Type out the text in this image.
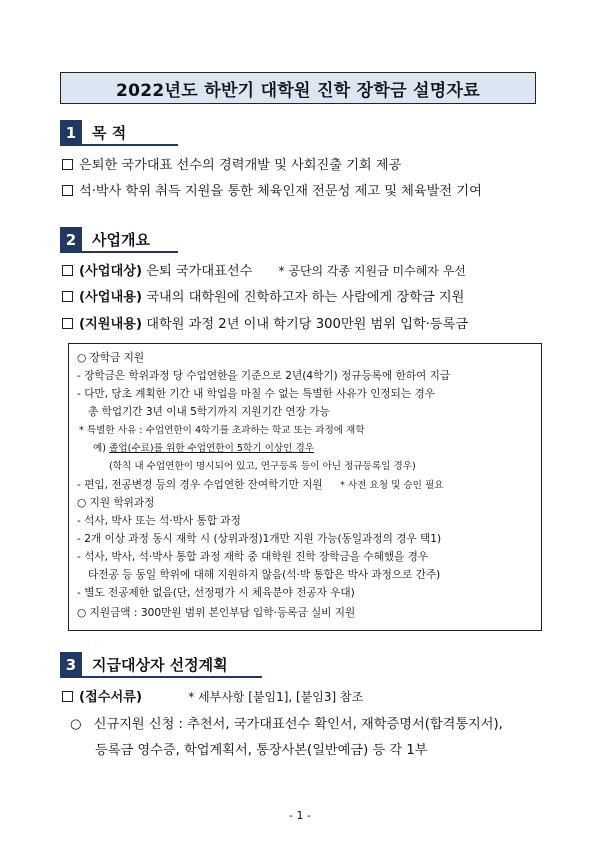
2022년도 하반기 대학원 진학 장학금 설명자료
1	목 적
은퇴한 국가대표 선수의 경력개발 및 사회진출 기회 제공
석·박사 학위 취득 지원을 통한 체육인재 전문성 제고 및 체육발전 기여
2	사업개요
(사업대상) 은퇴 국가대표선수 * 공단의 각종 지원금 미수혜자 우선
(사업내용) 국내의 대학원에 진학하고자 하는 사람에게 장학금 지원
(지원내용) 대학원 과정 2년 이내 학기당 300만원 범위 입학·등록금
○ 장학금 지원
- 장학금은 학위과정 당 수업연한을 기준으로 2년(4학기) 정규등록에 한하여 지급
- 다만, 당초 계획한 기간 내 학업을 마칠 수 없는 특별한 사유가 인정되는 경우
총 학업기간 3년 이내 5학기까지 지원기간 연장 가능
* 특별한 사유 : 수업연한이 4학기를 초과하는 학교 또는 과정에 재학
예) 졸업(수료)를 위한 수업연한이 5학기 이상인 경우
(학칙 내 수업연한이 명시되어 있고, 연구등록 등이 아닌 정규등록일 경우)
- 편입, 전공변경 등의 경우 수업연한 잔여학기만 지원 * 사전 요청 및 승인 필요
○ 지원 학위과정
- 석사, 박사 또는 석·박사 통합 과정
- 2개 이상 과정 동시 재학 시 (상위과정)1개만 지원 가능(동일과정의 경우 택1)
- 석사, 박사, 석·박사 통합 과정 재학 중 대학원 진학 장학금을 수혜했을 경우
타전공 등 동일 학위에 대해 지원하지 않음(석·박 통합은 박사 과정으로 간주)
- 별도 전공제한 없음(단, 선정평가 시 체육분야 전공자 우대)
○ 지원금액 : 300만원 범위 본인부담 입학·등록금 실비 지원
3	지급대상자 선정계획
(접수서류)	* 세부사항 [붙임1], [붙임3] 참조
○ 신규지원 신청 : 추천서, 국가대표선수 확인서, 재학증명서(합격통지서),
등록금 영수증, 학업계획서, 통장사본(일반예금) 등 각 1부
- 1 -
